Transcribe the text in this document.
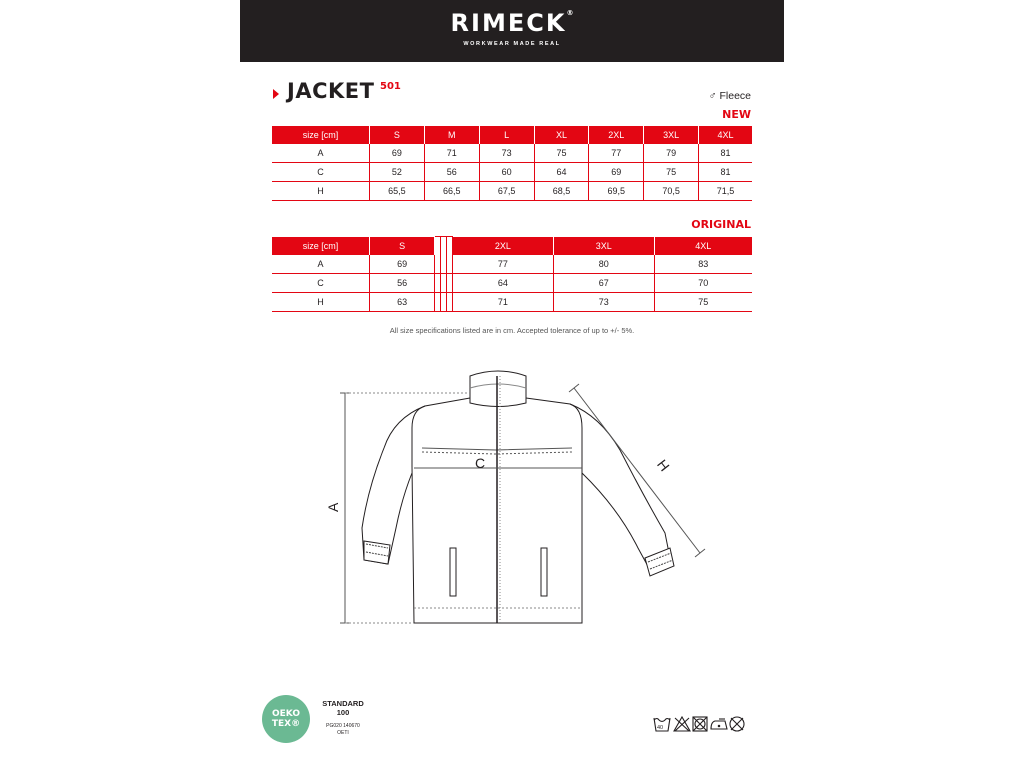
RIMECK®
WORKWEAR MADE REAL
JACKET 501
♂ Fleece
NEW
size [cm]	S	M	L	XL	2XL	3XL	4XL
A	69	71	73	75	77	79	81
C	52	56	60	64	69	75	81
H	65,5	66,5	67,5	68,5	69,5	70,5	71,5
ORIGINAL
size [cm]	S				2XL	3XL	4XL
A	69				77	80	83
C	56				64	67	70
H	63				71	73	75
All size specifications listed are in cm. Accepted tolerance of up to +/- 5%.
A
C	H
OEKO
TEX®
STANDARD
100
PG020 140670
OETI
40
